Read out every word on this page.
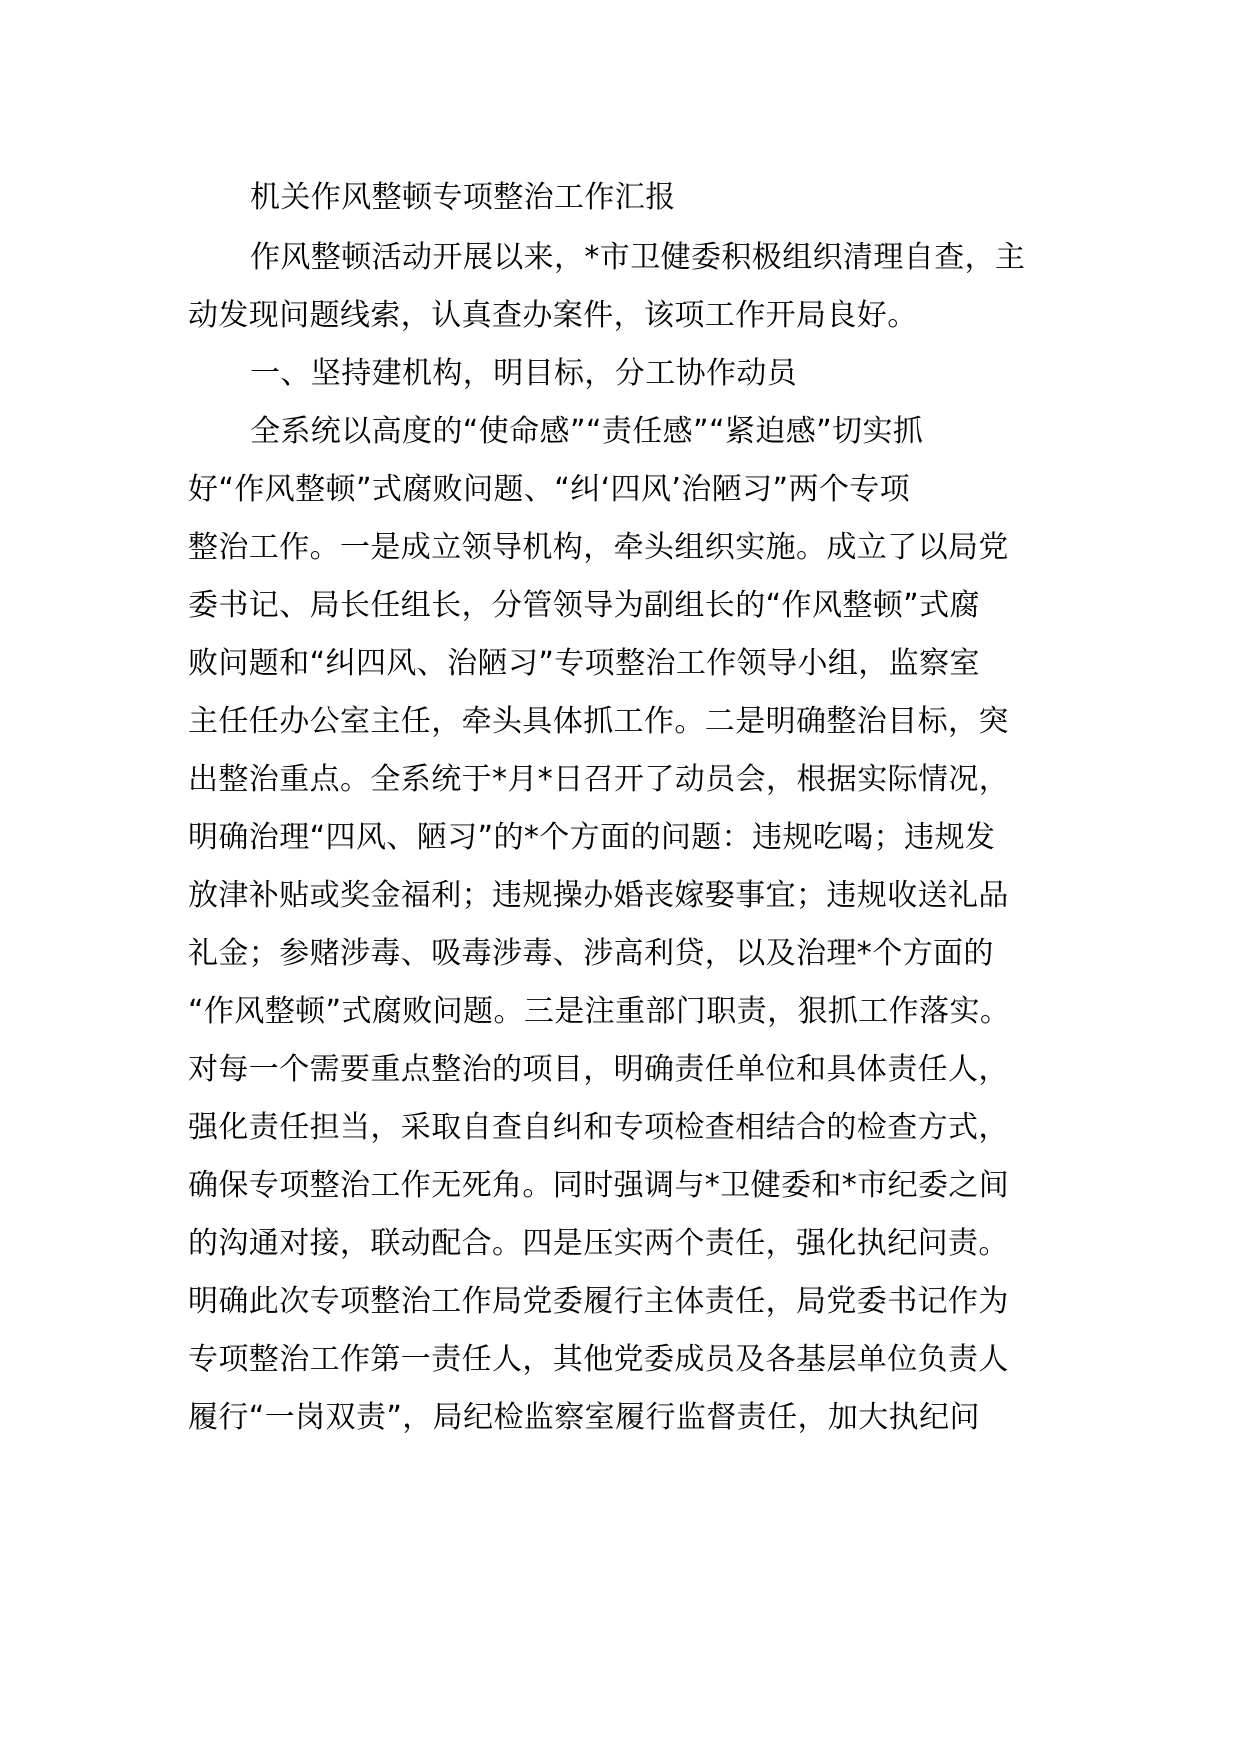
机关作风整顿专项整治工作汇报
作风整顿活动开展以来，*市卫健委积极组织清理自查，主
动发现问题线索，认真查办案件，该项工作开局良好。
一、坚持建机构，明目标，分工协作动员
全系统以高度的“使命感”“责任感”“紧迫感”切实抓
好“作风整顿”式腐败问题、“纠‘四风’治陋习”两个专项
整治工作。一是成立领导机构，牵头组织实施。成立了以局党
委书记、局长任组长，分管领导为副组长的“作风整顿”式腐
败问题和“纠四风、治陋习”专项整治工作领导小组，监察室
主任任办公室主任，牵头具体抓工作。二是明确整治目标，突
出整治重点。全系统于*月*日召开了动员会，根据实际情况，
明确治理“四风、陋习”的*个方面的问题：违规吃喝；违规发
放津补贴或奖金福利；违规操办婚丧嫁娶事宜；违规收送礼品
礼金；参赌涉毒、吸毒涉毒、涉高利贷，以及治理*个方面的
“作风整顿”式腐败问题。三是注重部门职责，狠抓工作落实。
对每一个需要重点整治的项目，明确责任单位和具体责任人，
强化责任担当，采取自查自纠和专项检查相结合的检查方式，
确保专项整治工作无死角。同时强调与*卫健委和*市纪委之间
的沟通对接，联动配合。四是压实两个责任，强化执纪问责。
明确此次专项整治工作局党委履行主体责任，局党委书记作为
专项整治工作第一责任人，其他党委成员及各基层单位负责人
履行“一岗双责”，局纪检监察室履行监督责任，加大执纪问
